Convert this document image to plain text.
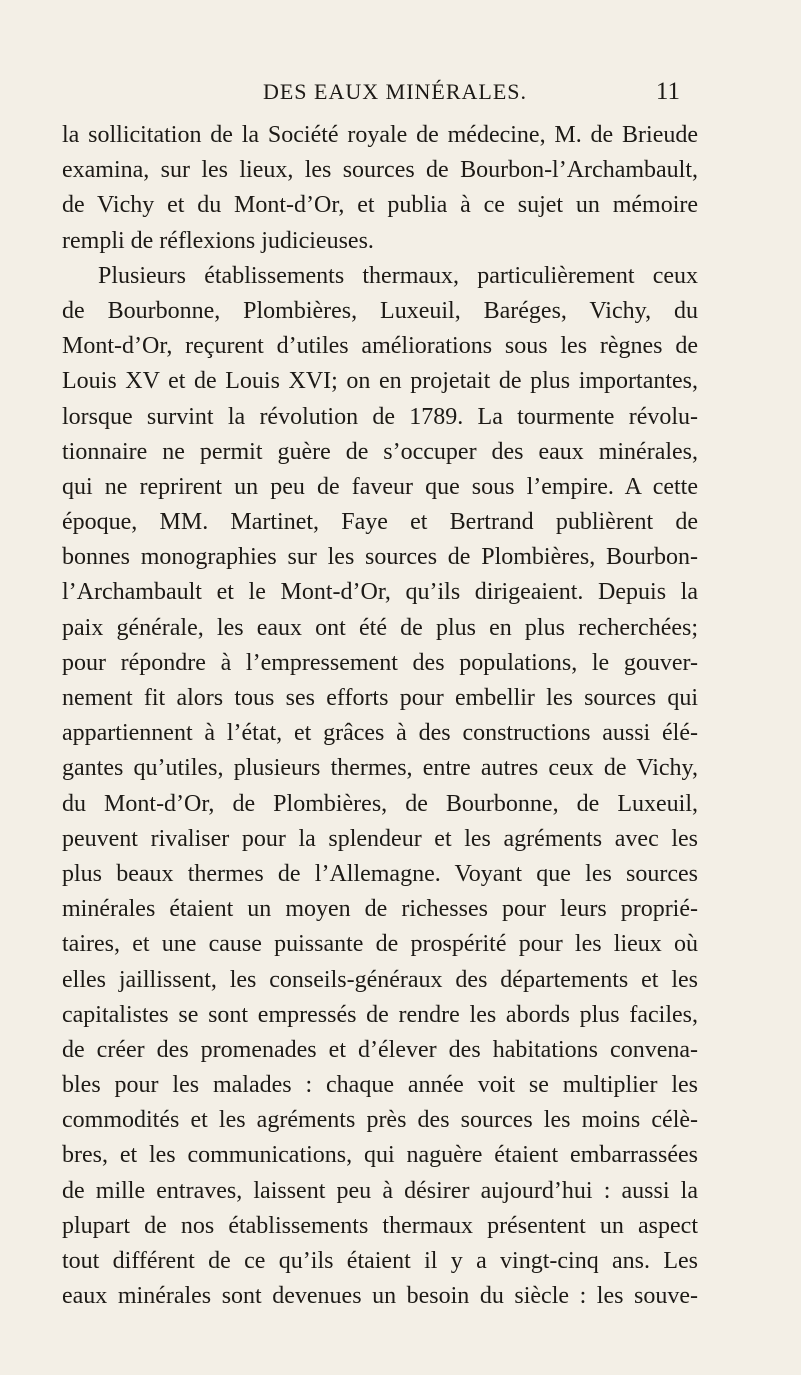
DES EAUX MINÉRALES.	11
la sollicitation de la Société royale de médecine, M. de Brieude
examina, sur les lieux, les sources de Bourbon-l’Archambault,
de Vichy et du Mont-d’Or, et publia à ce sujet un mémoire
rempli de réflexions judicieuses.
Plusieurs établissements thermaux, particulièrement ceux
de Bourbonne, Plombières, Luxeuil, Baréges, Vichy, du
Mont-d’Or, reçurent d’utiles améliorations sous les règnes de
Louis XV et de Louis XVI; on en projetait de plus importantes,
lorsque survint la révolution de 1789. La tourmente révolu-
tionnaire ne permit guère de s’occuper des eaux minérales,
qui ne reprirent un peu de faveur que sous l’empire. A cette
époque, MM. Martinet, Faye et Bertrand publièrent de
bonnes monographies sur les sources de Plombières, Bourbon-
l’Archambault et le Mont-d’Or, qu’ils dirigeaient. Depuis la
paix générale, les eaux ont été de plus en plus recherchées;
pour répondre à l’empressement des populations, le gouver-
nement fit alors tous ses efforts pour embellir les sources qui
appartiennent à l’état, et grâces à des constructions aussi élé-
gantes qu’utiles, plusieurs thermes, entre autres ceux de Vichy,
du Mont-d’Or, de Plombières, de Bourbonne, de Luxeuil,
peuvent rivaliser pour la splendeur et les agréments avec les
plus beaux thermes de l’Allemagne. Voyant que les sources
minérales étaient un moyen de richesses pour leurs proprié-
taires, et une cause puissante de prospérité pour les lieux où
elles jaillissent, les conseils-généraux des départements et les
capitalistes se sont empressés de rendre les abords plus faciles,
de créer des promenades et d’élever des habitations convena-
bles pour les malades : chaque année voit se multiplier les
commodités et les agréments près des sources les moins célè-
bres, et les communications, qui naguère étaient embarrassées
de mille entraves, laissent peu à désirer aujourd’hui : aussi la
plupart de nos établissements thermaux présentent un aspect
tout différent de ce qu’ils étaient il y a vingt-cinq ans. Les
eaux minérales sont devenues un besoin du siècle : les souve-
